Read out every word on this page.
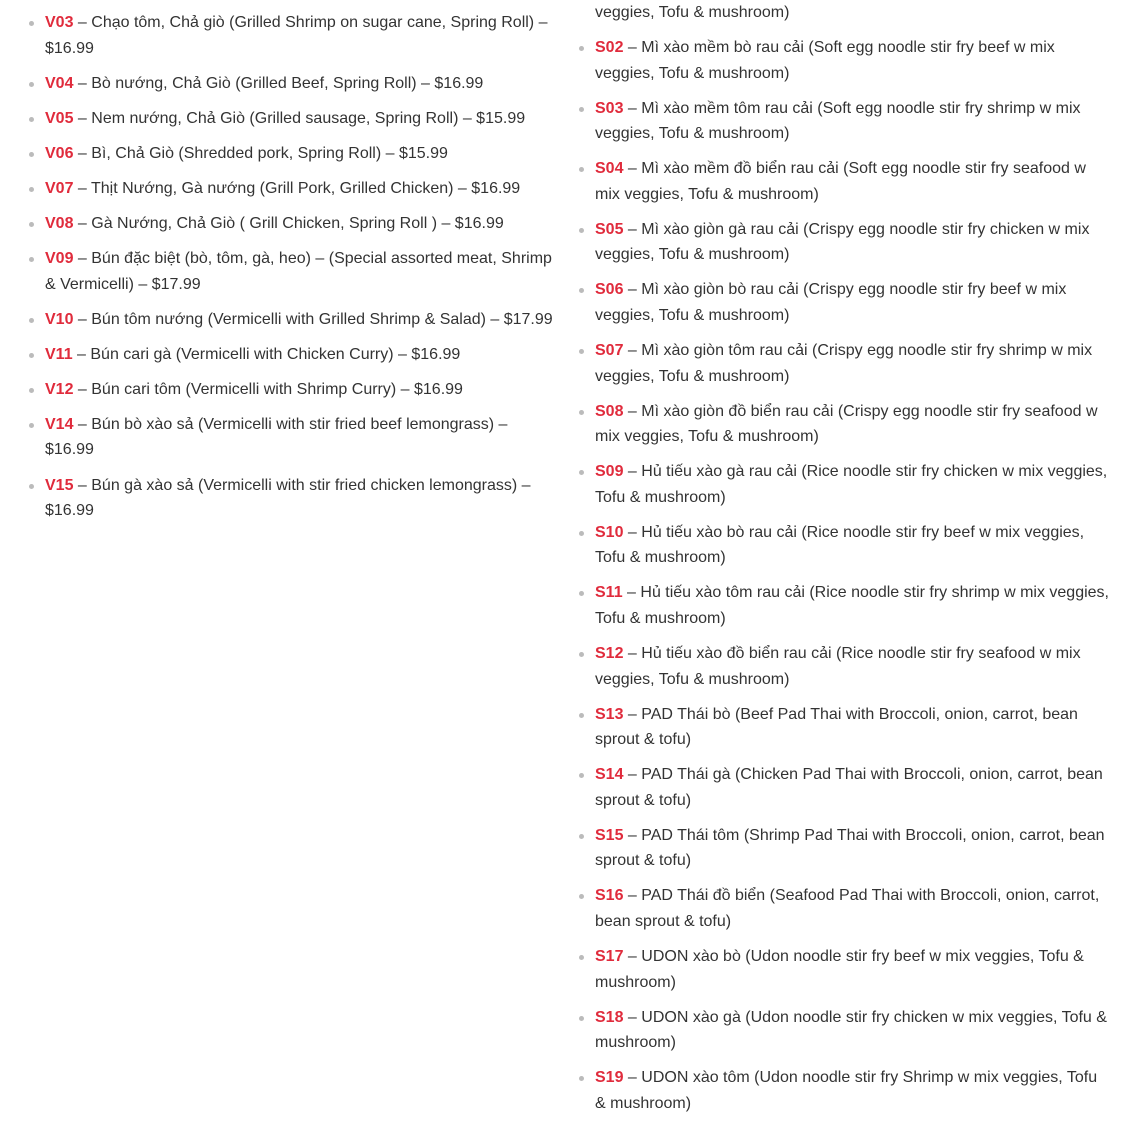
V03 – Chạo tôm, Chả giò (Grilled Shrimp on sugar cane, Spring Roll) – $16.99
V04 – Bò nướng, Chả Giò (Grilled Beef, Spring Roll) – $16.99
V05 – Nem nướng, Chả Giò (Grilled sausage, Spring Roll) – $15.99
V06 – Bì, Chả Giò (Shredded pork, Spring Roll) – $15.99
V07 – Thịt Nướng, Gà nướng (Grill Pork, Grilled Chicken) – $16.99
V08 – Gà Nướng, Chả Giò ( Grill Chicken, Spring Roll ) – $16.99
V09 – Bún đặc biệt (bò, tôm, gà, heo) – (Special assorted meat, Shrimp & Vermicelli) – $17.99
V10 – Bún tôm nướng (Vermicelli with Grilled Shrimp & Salad) – $17.99
V11 – Bún cari gà (Vermicelli with Chicken Curry) – $16.99
V12 – Bún cari tôm (Vermicelli with Shrimp Curry) – $16.99
V14 – Bún bò xào sả (Vermicelli with stir fried beef lemongrass) – $16.99
V15 – Bún gà xào sả (Vermicelli with stir fried chicken lemongrass) – $16.99
veggies, Tofu & mushroom)
S02 – Mì xào mềm bò rau cải (Soft egg noodle stir fry beef w mix veggies, Tofu & mushroom)
S03 – Mì xào mềm tôm rau cải (Soft egg noodle stir fry shrimp w mix veggies, Tofu & mushroom)
S04 – Mì xào mềm đồ biển rau cải (Soft egg noodle stir fry seafood w mix veggies, Tofu & mushroom)
S05 – Mì xào giòn gà rau cải (Crispy egg noodle stir fry chicken w mix veggies, Tofu & mushroom)
S06 – Mì xào giòn bò rau cải (Crispy egg noodle stir fry beef w mix veggies, Tofu & mushroom)
S07 – Mì xào giòn tôm rau cải (Crispy egg noodle stir fry shrimp w mix veggies, Tofu & mushroom)
S08 – Mì xào giòn đồ biển rau cải (Crispy egg noodle stir fry seafood w mix veggies, Tofu & mushroom)
S09 – Hủ tiếu xào gà rau cải (Rice noodle stir fry chicken w mix veggies, Tofu & mushroom)
S10 – Hủ tiếu xào bò rau cải (Rice noodle stir fry beef w mix veggies, Tofu & mushroom)
S11 – Hủ tiếu xào tôm rau cải (Rice noodle stir fry shrimp w mix veggies, Tofu & mushroom)
S12 – Hủ tiếu xào đồ biển rau cải (Rice noodle stir fry seafood w mix veggies, Tofu & mushroom)
S13 – PAD Thái bò (Beef Pad Thai with Broccoli, onion, carrot, bean sprout & tofu)
S14 – PAD Thái gà (Chicken Pad Thai with Broccoli, onion, carrot, bean sprout & tofu)
S15 – PAD Thái tôm (Shrimp Pad Thai with Broccoli, onion, carrot, bean sprout & tofu)
S16 – PAD Thái đồ biển (Seafood Pad Thai with Broccoli, onion, carrot, bean sprout & tofu)
S17 – UDON xào bò (Udon noodle stir fry beef w mix veggies, Tofu & mushroom)
S18 – UDON xào gà (Udon noodle stir fry chicken w mix veggies, Tofu & mushroom)
S19 – UDON xào tôm (Udon noodle stir fry Shrimp w mix veggies, Tofu & mushroom)
